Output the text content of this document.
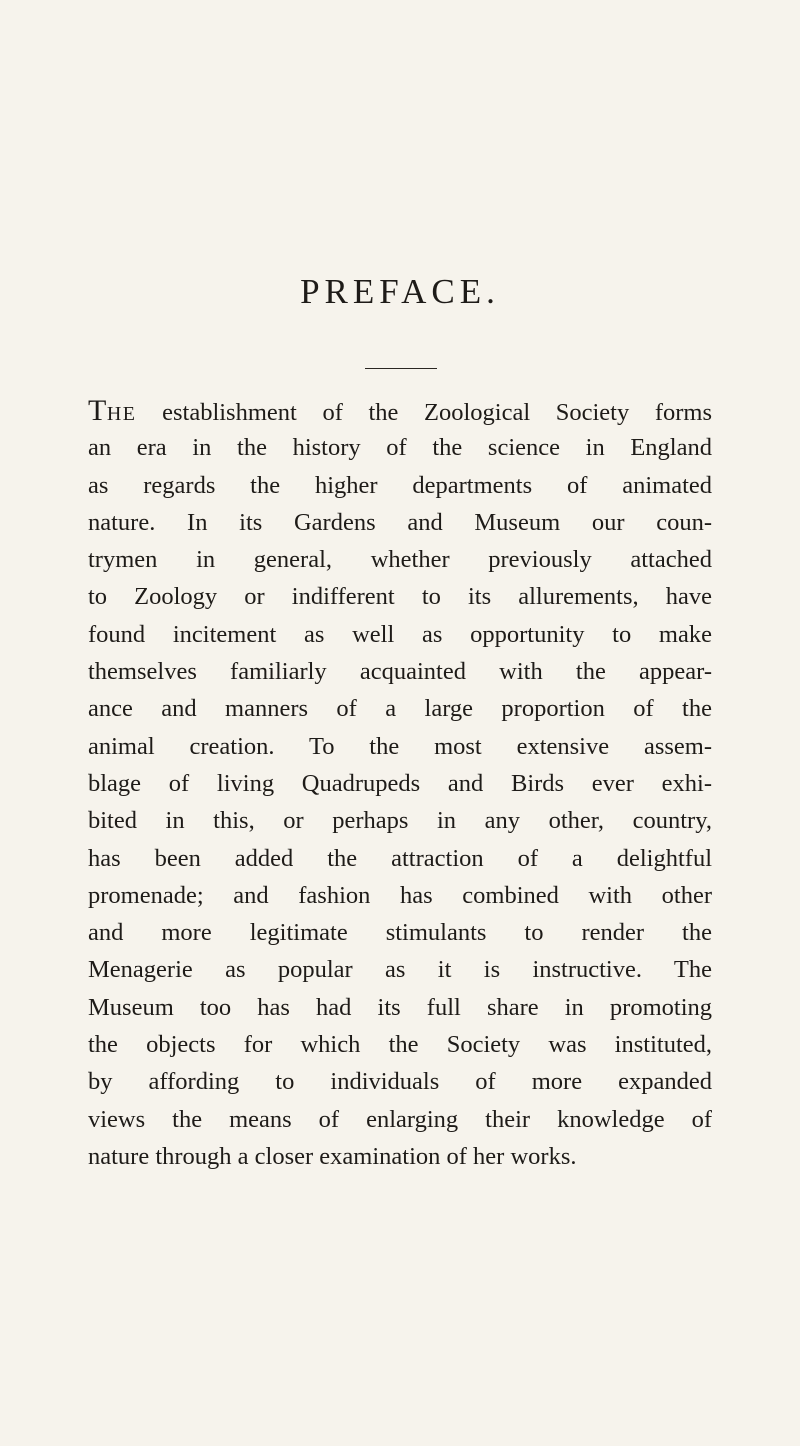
PREFACE.
THE establishment of the Zoological Society forms
an era in the history of the science in England
as regards the higher departments of animated
nature. In its Gardens and Museum our coun-
trymen in general, whether previously attached
to Zoology or indifferent to its allurements, have
found incitement as well as opportunity to make
themselves familiarly acquainted with the appear-
ance and manners of a large proportion of the
animal creation. To the most extensive assem-
blage of living Quadrupeds and Birds ever exhi-
bited in this, or perhaps in any other, country,
has been added the attraction of a delightful
promenade; and fashion has combined with other
and more legitimate stimulants to render the
Menagerie as popular as it is instructive. The
Museum too has had its full share in promoting
the objects for which the Society was instituted,
by affording to individuals of more expanded
views the means of enlarging their knowledge of
nature through a closer examination of her works.
